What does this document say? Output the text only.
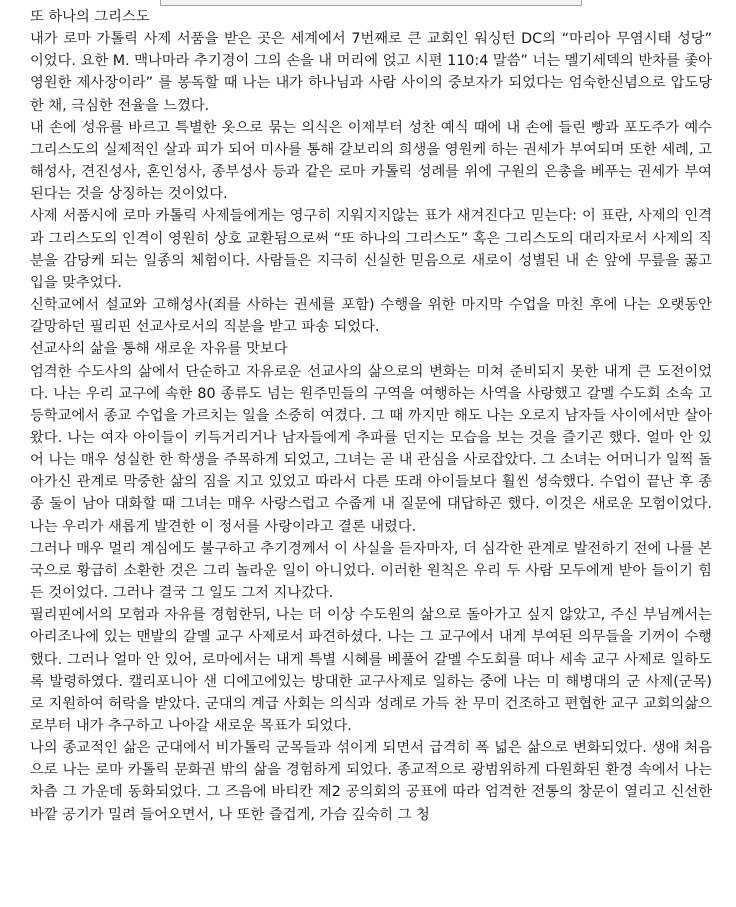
또 하나의 그리스도

내가 로마 가톨릭 사제 서품을 받은 곳은 세계에서 7번째로 큰 교회인 워싱턴 DC의 “마리아 무염시태 성당” 이었다. 요한 M. 맥나마라 추기경이 그의 손을 내 머리에 얹고 시편 110:4 말씀” 너는 멜기세덱의 반차를 좇아 영원한 제사장이라” 를 봉독할 때 나는 내가 하나님과 사람 사이의 중보자가 되었다는 엄숙한신념으로 압도당한 채, 극심한 전율을 느꼈다.

내 손에 성유를 바르고 특별한 옷으로 묶는 의식은 이제부터 성찬 예식 때에 내 손에 들린 빵과 포도주가 예수 그리스도의 실제적인 살과 피가 되어 미사를 통해 갈보리의 희생을 영원케 하는 권세가 부여되며 또한 세례, 고해성사, 견진성사, 혼인성사, 종부성사 등과 같은 로마 카톨릭 성례를 위에 구원의 은총을 베푸는 권세가 부여된다는 것을 상징하는 것이었다.

사제 서품시에 로마 카톨릭 사제들에게는 영구히 지워지지않는 표가 새겨진다고 믿는다: 이 표란, 사제의 인격과 그리스도의 인격이 영원히 상호 교환됨으로써 “또 하나의 그리스도” 혹은 그리스도의 대리자로서 사제의 직분을 감당케 되는 일종의 체험이다. 사람들은 지극히 신실한 믿음으로 새로이 성별된 내 손 앞에 무릎을 꿇고 입을 맞추었다.

신학교에서 설교와 고해성사(죄를 사하는 권세를 포함) 수행을 위한 마지막 수업을 마친 후에 나는 오랫동안 갈망하던 필리핀 선교사로서의 직분을 받고 파송 되었다.

선교사의 삶을 통해 새로운 자유를 맛보다

엄격한 수도사의 삶에서 단순하고 자유로운 선교사의 삶으로의 변화는 미쳐 준비되지 못한 내게 큰 도전이었다. 나는 우리 교구에 속한 80 종류도 넘는 원주민들의 구역을 여행하는 사역을 사랑했고 갈멜 수도회 소속 고등학교에서 종교 수업을 가르치는 일을 소중히 여겼다. 그 때 까지만 해도 나는 오로지 남자들 사이에서만 살아왔다. 나는 여자 아이들이 키득거리거나 남자들에게 추파를 던지는 모습을 보는 것을 즐기곤 했다. 얼마 안 있어 나는 매우 성실한 한 학생을 주목하게 되었고, 그녀는 곧 내 관심을 사로잡았다. 그 소녀는 어머니가 일찍 돌아가신 관계로 막중한 삶의 짐을 지고 있었고 따라서 다른 또래 아이들보다 훨씬 성숙했다. 수업이 끝난 후 종종 둘이 남아 대화할 때 그녀는 매우 사랑스럽고 수줍게 내 질문에 대답하곤 했다. 이것은 새로운 모험이었다. 나는 우리가 새롭게 발견한 이 정서를 사랑이라고 결론 내렸다.

그러나 매우 멀리 계심에도 불구하고 추기경께서 이 사실을 듣자마자, 더 심각한 관계로 발전하기 전에 나를 본국으로 황급히 소환한 것은 그리 놀라운 일이 아니었다. 이러한 원칙은 우리 두 사람 모두에게 받아 들이기 힘든 것이었다. 그러나 결국 그 일도 그저 지나갔다.

필리핀에서의 모험과 자유를 경험한뒤, 나는 더 이상 수도원의 삶으로 돌아가고 싶지 않았고, 주신 부님께서는 아리조나에 있는 맨발의 갈멜 교구 사제로서 파견하셨다. 나는 그 교구에서 내게 부여된 의무들을 기꺼이 수행했다. 그러나 얼마 안 있어, 로마에서는 내게 특별 시혜를 베풀어 갈멜 수도회를 떠나 세속 교구 사제로 일하도록 발령하였다. 캘리포니아 샌 디에고에있는 방대한 교구사제로 일하는 중에 나는 미 해병대의 군 사제(군목)로 지원하여 허락을 받았다. 군대의 계급 사회는 의식과 성례로 가득 찬 무미 건조하고 편협한 교구 교회의삶으로부터 내가 추구하고 나아갈 새로운 목표가 되었다.

나의 종교적인 삶은 군대에서 비가톨릭 군목들과 섞이게 되면서 급격히 폭 넓은 삶으로 변화되었다. 생애 처음으로 나는 로마 카톨릭 문화권 밖의 삶을 경험하게 되었다. 종교적으로 광범위하게 다원화된 환경 속에서 나는 차츰 그 가운데 동화되었다. 그 즈음에 바티칸 제2 공의회의 공표에 따라 엄격한 전통의 창문이 열리고 신선한 바깥 공기가 밀려 들어오면서, 나 또한 즐겁게, 가슴 깊숙히 그 청
